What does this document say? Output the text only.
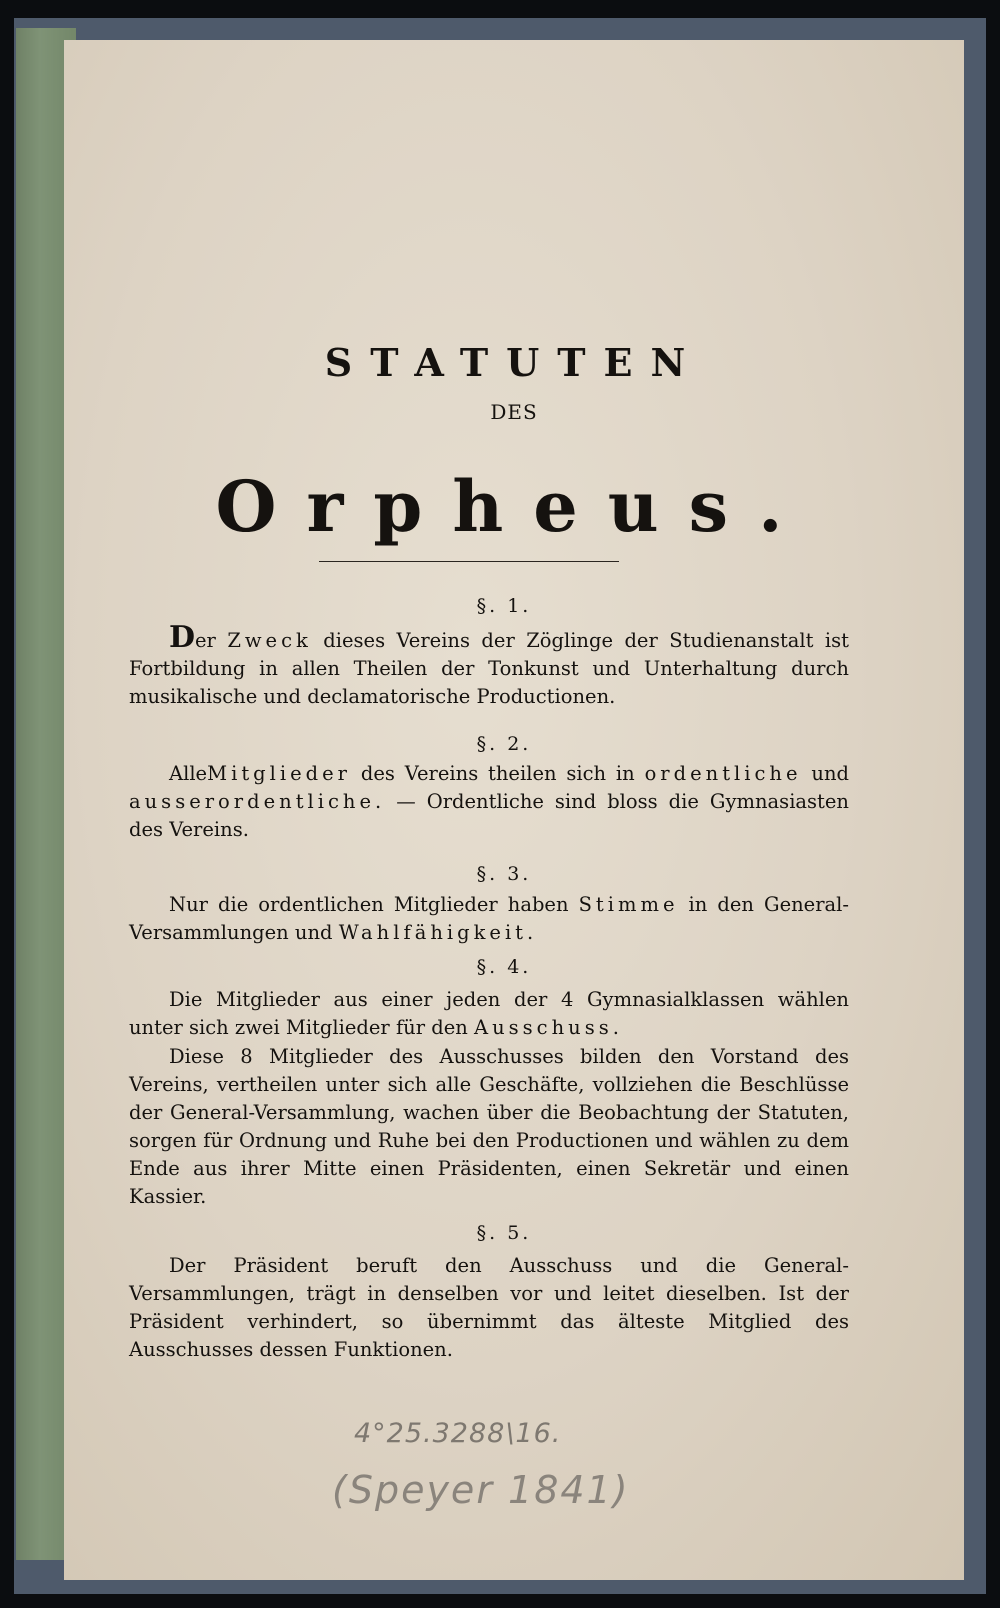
STATUTEN
DES
Orpheus.
§. 1.
Der Zweck dieses Vereins der Zöglinge der Studienanstalt ist Fortbildung in allen Theilen der Tonkunst und Unterhaltung durch musikalische und declamatorische Productionen.
§. 2.
AlleMitglieder des Vereins theilen sich in ordentliche und ausserordentliche. — Ordentliche sind bloss die Gymnasiasten des Vereins.
§. 3.
Nur die ordentlichen Mitglieder haben Stimme in den General-Versammlungen und Wahlfähigkeit.
§. 4.
Die Mitglieder aus einer jeden der 4 Gymnasialklassen wählen unter sich zwei Mitglieder für den Ausschuss.
Diese 8 Mitglieder des Ausschusses bilden den Vorstand des Vereins, vertheilen unter sich alle Geschäfte, vollziehen die Beschlüsse der General-Versammlung, wachen über die Beobachtung der Statuten, sorgen für Ordnung und Ruhe bei den Productionen und wählen zu dem Ende aus ihrer Mitte einen Präsidenten, einen Sekretär und einen Kassier.
§. 5.
Der Präsident beruft den Ausschuss und die General-Versammlungen, trägt in denselben vor und leitet dieselben. Ist der Präsident verhindert, so übernimmt das älteste Mitglied des Ausschusses dessen Funktionen.
4°25.3288\16.
(Speyer 1841)
